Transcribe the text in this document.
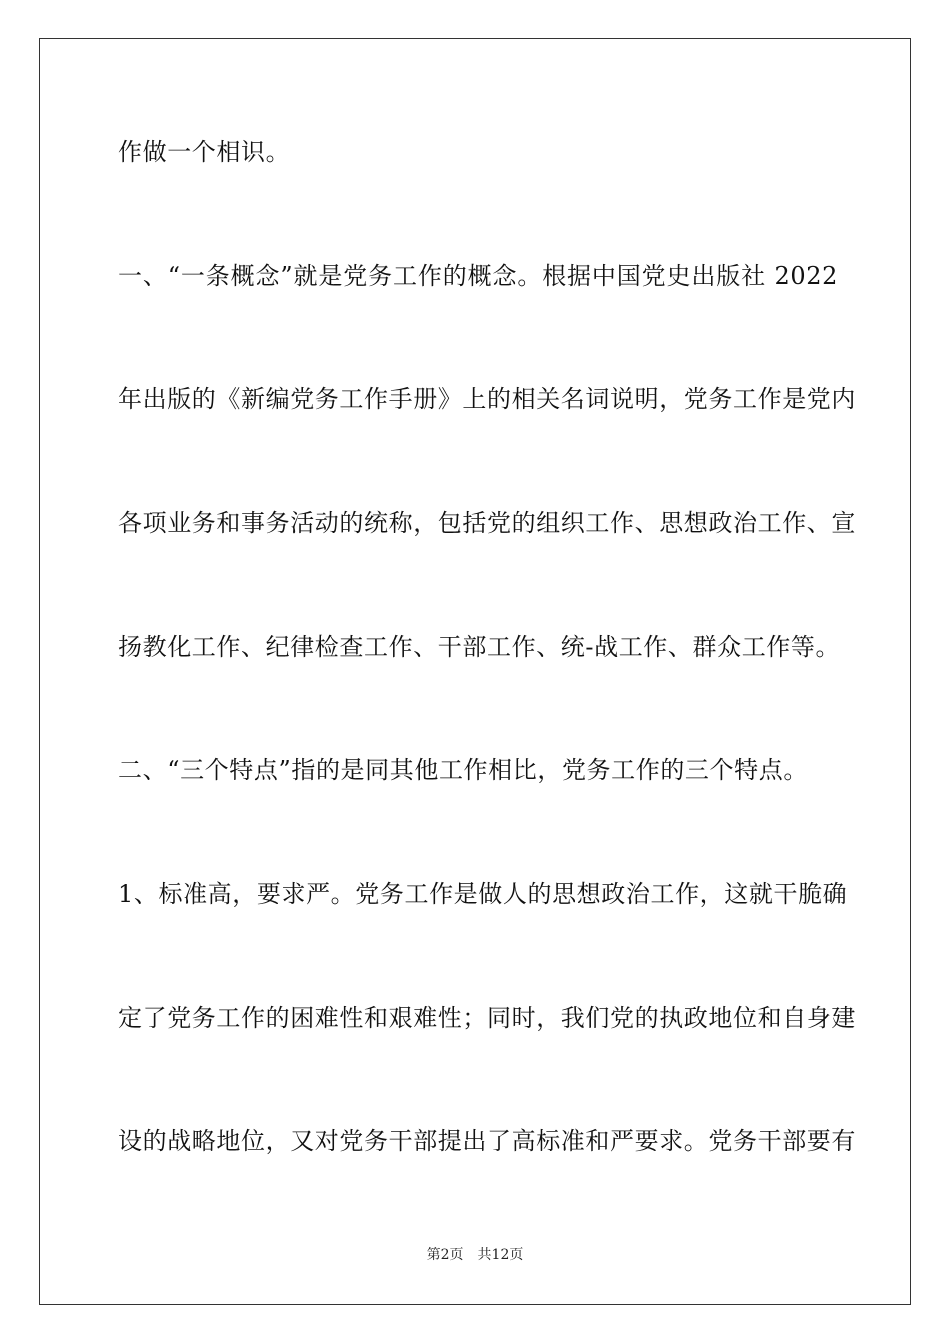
作做一个相识。
一、“一条概念”就是党务工作的概念。根据中国党史出版社 2022
年出版的《新编党务工作手册》上的相关名词说明，党务工作是党内
各项业务和事务活动的统称，包括党的组织工作、思想政治工作、宣
扬教化工作、纪律检查工作、干部工作、统-战工作、群众工作等。
二、“三个特点”指的是同其他工作相比，党务工作的三个特点。
1、标准高，要求严。党务工作是做人的思想政治工作，这就干脆确
定了党务工作的困难性和艰难性；同时，我们党的执政地位和自身建
设的战略地位，又对党务干部提出了高标准和严要求。党务干部要有
第2页 共12页
